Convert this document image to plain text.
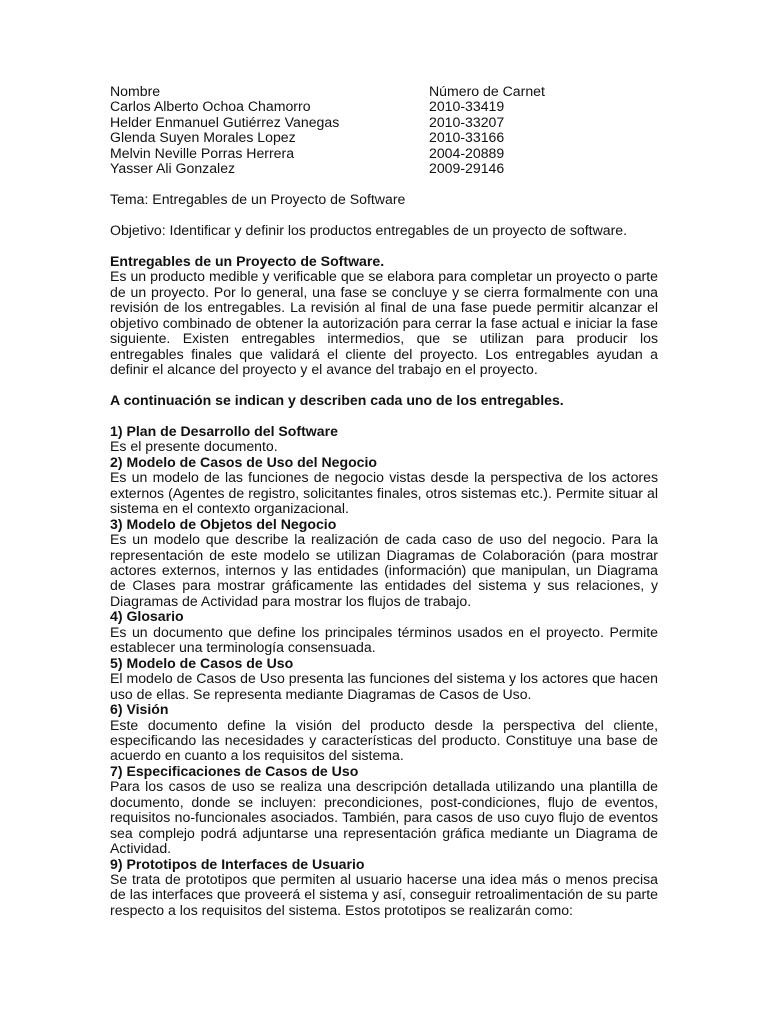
Nombre	Número de Carnet
Carlos Alberto Ochoa Chamorro	2010-33419
Helder Enmanuel Gutiérrez Vanegas	2010-33207
Glenda Suyen Morales Lopez	2010-33166
Melvin Neville Porras Herrera	2004-20889
Yasser Ali Gonzalez	2009-29146
Tema: Entregables de un Proyecto de Software
Objetivo: Identificar y definir los productos entregables de un proyecto de software.
Entregables de un Proyecto de Software.

Es un producto medible y verificable que se elabora para completar un proyecto o parte de un proyecto. Por lo general, una fase se concluye y se cierra formalmente con una revisión de los entregables. La revisión al final de una fase puede permitir alcanzar el objetivo combinado de obtener la autorización para cerrar la fase actual e iniciar la fase siguiente. Existen entregables intermedios, que se utilizan para producir los entregables finales que validará el cliente del proyecto. Los entregables ayudan a definir el alcance del proyecto y el avance del trabajo en el proyecto.

A continuación se indican y describen cada uno de los entregables.
1) Plan de Desarrollo del Software

Es el presente documento.

2) Modelo de Casos de Uso del Negocio

Es un modelo de las funciones de negocio vistas desde la perspectiva de los actores externos (Agentes de registro, solicitantes finales, otros sistemas etc.). Permite situar al sistema en el contexto organizacional.

3) Modelo de Objetos del Negocio

Es un modelo que describe la realización de cada caso de uso del negocio. Para la representación de este modelo se utilizan Diagramas de Colaboración (para mostrar actores externos, internos y las entidades (información) que manipulan, un Diagrama de Clases para mostrar gráficamente las entidades del sistema y sus relaciones, y Diagramas de Actividad para mostrar los flujos de trabajo.

4) Glosario

Es un documento que define los principales términos usados en el proyecto. Permite establecer una terminología consensuada.

5) Modelo de Casos de Uso

El modelo de Casos de Uso presenta las funciones del sistema y los actores que hacen uso de ellas. Se representa mediante Diagramas de Casos de Uso.

6) Visión

Este documento define la visión del producto desde la perspectiva del cliente, especificando las necesidades y características del producto. Constituye una base de acuerdo en cuanto a los requisitos del sistema.

7) Especificaciones de Casos de Uso

Para los casos de uso se realiza una descripción detallada utilizando una plantilla de documento, donde se incluyen: precondiciones, post-condiciones, flujo de eventos, requisitos no-funcionales asociados. También, para casos de uso cuyo flujo de eventos sea complejo podrá adjuntarse una representación gráfica mediante un Diagrama de Actividad.

9) Prototipos de Interfaces de Usuario

Se trata de prototipos que permiten al usuario hacerse una idea más o menos precisa de las interfaces que proveerá el sistema y así, conseguir retroalimentación de su parte respecto a los requisitos del sistema. Estos prototipos se realizarán como:
